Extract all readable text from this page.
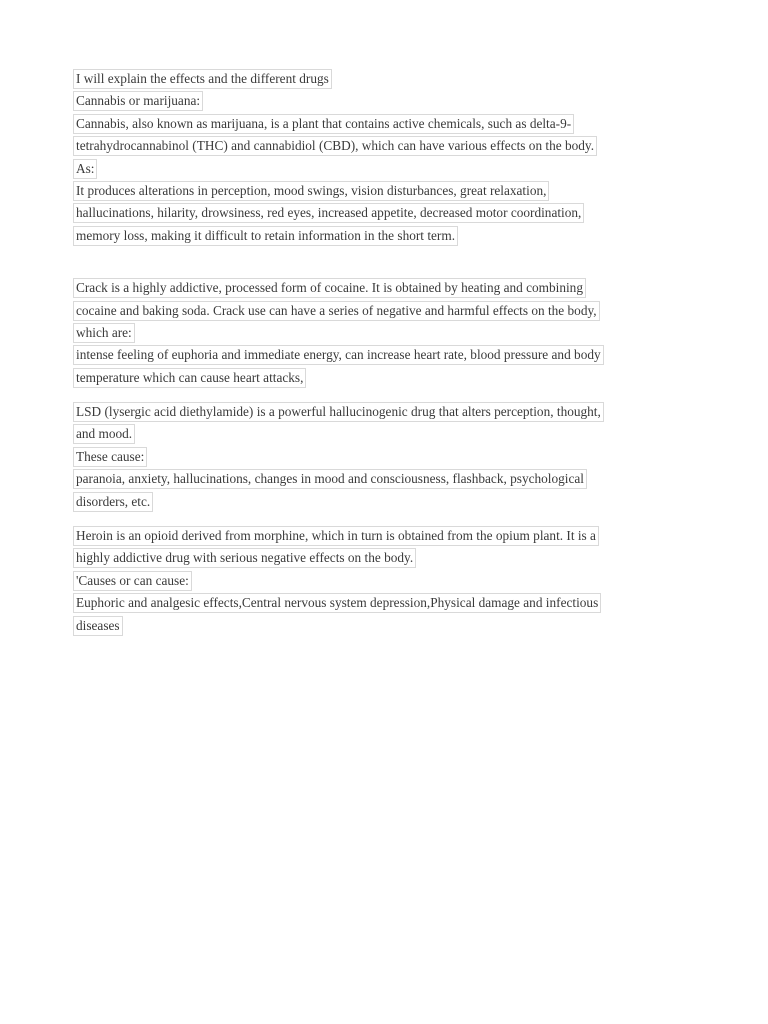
I will explain the effects and the different drugs
Cannabis or marijuana:
Cannabis, also known as marijuana, is a plant that contains active chemicals, such as delta-9-
tetrahydrocannabinol (THC) and cannabidiol (CBD), which can have various effects on the body.
As:
It produces alterations in perception, mood swings, vision disturbances, great relaxation,
hallucinations, hilarity, drowsiness, red eyes, increased appetite, decreased motor coordination,
memory loss, making it difficult to retain information in the short term.
Crack is a highly addictive, processed form of cocaine. It is obtained by heating and combining
cocaine and baking soda. Crack use can have a series of negative and harmful effects on the body,
which are:
intense feeling of euphoria and immediate energy, can increase heart rate, blood pressure and body
temperature which can cause heart attacks,
LSD (lysergic acid diethylamide) is a powerful hallucinogenic drug that alters perception, thought,
and mood.
These cause:
paranoia, anxiety, hallucinations, changes in mood and consciousness, flashback, psychological
disorders, etc.
Heroin is an opioid derived from morphine, which in turn is obtained from the opium plant. It is a
highly addictive drug with serious negative effects on the body.
'Causes or can cause:
Euphoric and analgesic effects,Central nervous system depression,Physical damage and infectious
diseases
